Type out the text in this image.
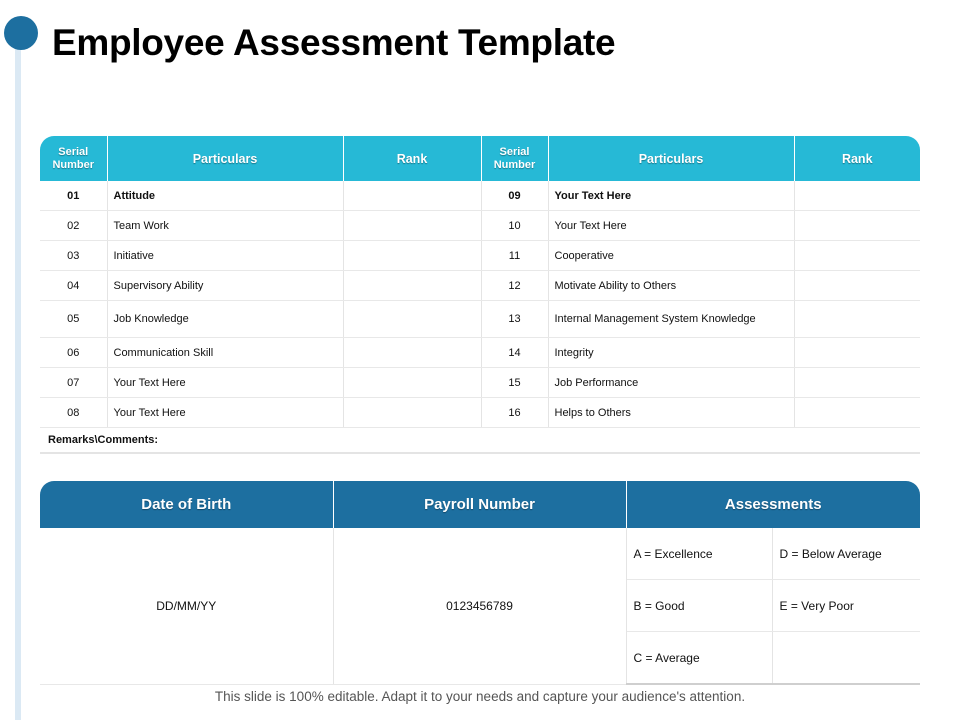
Employee Assessment Template
Serial Number	Particulars	Rank	Serial Number	Particulars	Rank
01	Attitude		09	Your Text Here	
02	Team Work		10	Your Text Here	
03	Initiative		11	Cooperative	
04	Supervisory Ability		12	Motivate Ability to Others	
05	Job Knowledge		13	Internal Management System Knowledge	
06	Communication Skill		14	Integrity	
07	Your Text Here		15	Job Performance	
08	Your Text Here		16	Helps to Others	
Remarks\Comments:					
Date of Birth	Payroll Number	Assessments	
DD/MM/YY	0123456789	A = Excellence	D = Below Average
		B = Good	E = Very Poor
		C = Average	
This slide is 100% editable. Adapt it to your needs and capture your audience's attention.
